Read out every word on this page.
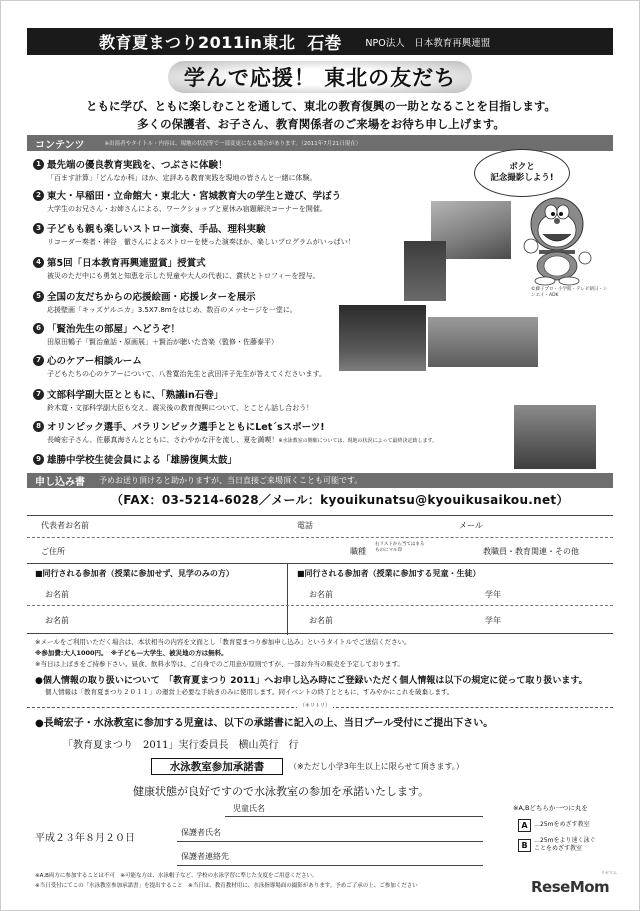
教育夏まつり2011in東北 石巻	NPO法人　日本教育再興連盟
学んで応援！ 東北の友だち
ともに学び、ともに楽しむことを通して、東北の教育復興の一助となることを目指します。
多くの保護者、お子さん、教育関係者のご来場をお待ち申し上げます。
コンテンツ	※出演者やタイトル・内容は、現地の状況等で一部変更になる場合があります。（2011年7月21日現在）
1 最先端の優良教育実践を、つぶさに体験！
「百ます計算」「どんなか科」ほか、定評ある教育実践を現地の皆さんと一緒に体験。
2 東大・早稲田・立命館大・東北大・宮城教育大の学生と遊び、学ぼう
大学生のお兄さん・お姉さんによる、ワークショップと夏休み宿題解決コーナーを開催。
3 子どもも親も楽しいストロー演奏、手品、理科実験
リコーダー奏者・神谷　徹さんによるストローを使った演奏ほか、楽しいプログラムがいっぱい！
4 第5回「日本教育再興連盟賞」授賞式
被災のただ中にも勇気と知恵を示した児童や大人の代表に、賞状とトロフィーを授与。
5 全国の友だちからの応援絵画・応援レターを展示
応援壁画「キッズゲルニカ」3.5X7.8mをはじめ、数百のメッセージを一堂に。
6 「賢治先生の部屋」へどうぞ！
田原田鶴子「賢治童話・原画展」＋賢治が聴いた音楽（監修・佐藤泰平）
7 心のケアー相談ルーム
子どもたちの心のケアーについて、八巻寛治先生と武田洋子先生が答えてくださいます。
7 文部科学副大臣とともに、「熟議in石巻」
鈴木寛・文部科学副大臣も交え、震災後の教育復興について、とことん話し合おう！
8 オリンピック選手、パラリンピック選手とともにLet´sスポーツ!
長崎宏子さん、佐藤真海さんとともに、さわやかな汗を流し、夏を満喫！※水泳教室の開催については、現地の状況によって最終決定致します。
9 雄勝中学校生徒会員による「雄勝復興太鼓」
ボクと
記念撮影しよう!
©藤子プロ・小学館・テレビ朝日・シンエイ・ADK
申し込み書 予めお送り頂けると助かりますが、当日直接ご来場頂くことも可能です。
（FAX：03-5214-6028／メール：kyouikunatsu@kyouikusaikou.net）
代表者お名前	電話	メール
ご住所	職種
右リストから当てはまるものにマル印	教職員・教育関連・その他
■同行される参加者（授業に参加せず、見学のみの方）	■同行される参加者（授業に参加する児童・生徒）
お名前	お名前	学年
お名前	お名前	学年
※メールをご利用いただく場合は、本状相当の内容を文面とし「教育夏まつり参加申し込み」というタイトルでご送信ください。
※参加費:大人1000円。　※子ども―大学生、被災地の方は無料。
※当日は上ばきをご持参下さい。昼食、飲料水等は、ご自身でのご用意が原則ですが、一部お弁当の販売を予定しております。
●個人情報の取り扱いについて　「教育夏まつり 2011」へお申し込み時にご登録いただく個人情報は以下の規定に従って取り扱います。
個人情報は「教育夏まつり２０１１」の運営上必要な手続きのみに使用します。同イベントの終了とともに、すみやかにこれを破棄します。
（キリトリ）
●長崎宏子・水泳教室に参加する児童は、以下の承諾書に記入の上、当日プール受付にご提出下さい。
「教育夏まつり　2011」実行委員長　横山英行　行
水泳教室参加承諾書	（※ただし小学3年生以上に限らせて頂きます。）
健康状態が良好ですので水泳教室の参加を承諾いたします。
児童氏名
保護者氏名
保護者連絡先
平成２３年８月２０日
※A,Bどちらか一つに丸を
A	…25mをめざす教室
B
…25mをより速く泳ぐ
ことをめざす教室
※A,B両方に参加することは不可　※可能な方は、水泳帽子など、学校の水泳学習に準じた支度をご用意ください。
※当日受付にてこの「水泳教室参加承諾書」を提出すること　※当日は、教育教材用に、水泳指導場面の撮影があります。予めご了承の上、ご参加ください
リセマム
ReseMom
